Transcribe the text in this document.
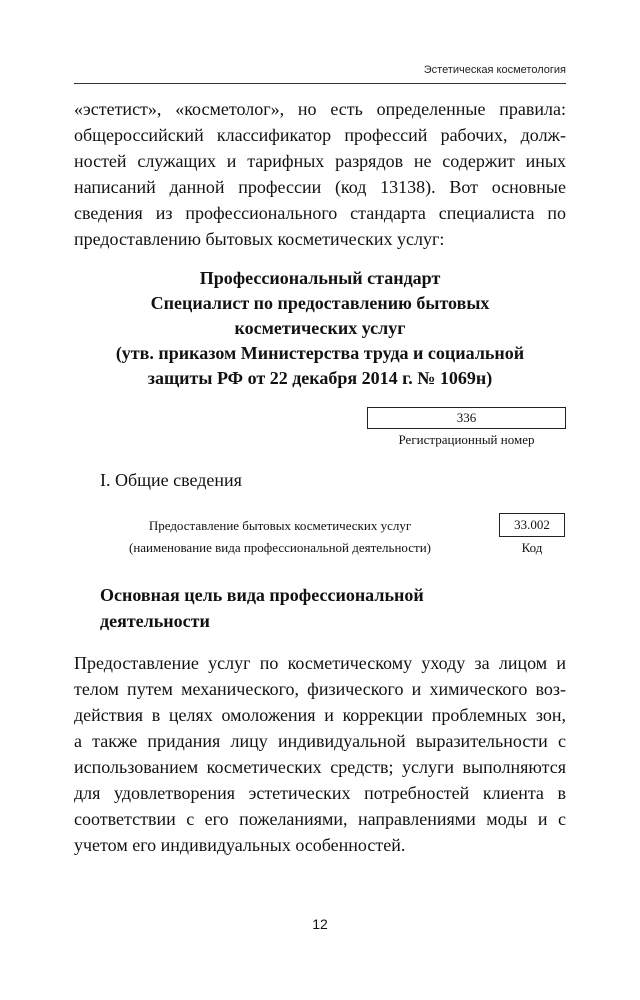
Эстетическая косметология
«эстетист», «косметолог», но есть определенные правила:
общероссийский классификатор профессий рабочих, долж-
ностей служащих и тарифных разрядов не содержит иных
написаний данной профессии (код 13138). Вот основные
сведения из профессионального стандарта специалиста по
предоставлению бытовых косметических услуг:
Профессиональный стандарт
Специалист по предоставлению бытовых
косметических услуг
(утв. приказом Министерства труда и социальной
защиты РФ от 22 декабря 2014 г. № 1069н)
336
Регистрационный номер
I. Общие сведения
Предоставление бытовых косметических услуг
(наименование вида профессиональной деятельности)
33.002
Код
Основная цель вида профессиональной
деятельности
Предоставление услуг по косметическому уходу за лицом и
телом путем механического, физического и химического воз-
действия в целях омоложения и коррекции проблемных зон,
а также придания лицу индивидуальной выразительности с
использованием косметических средств; услуги выполняются
для удовлетворения эстетических потребностей клиента в
соответствии с его пожеланиями, направлениями моды и с
учетом его индивидуальных особенностей.
12
